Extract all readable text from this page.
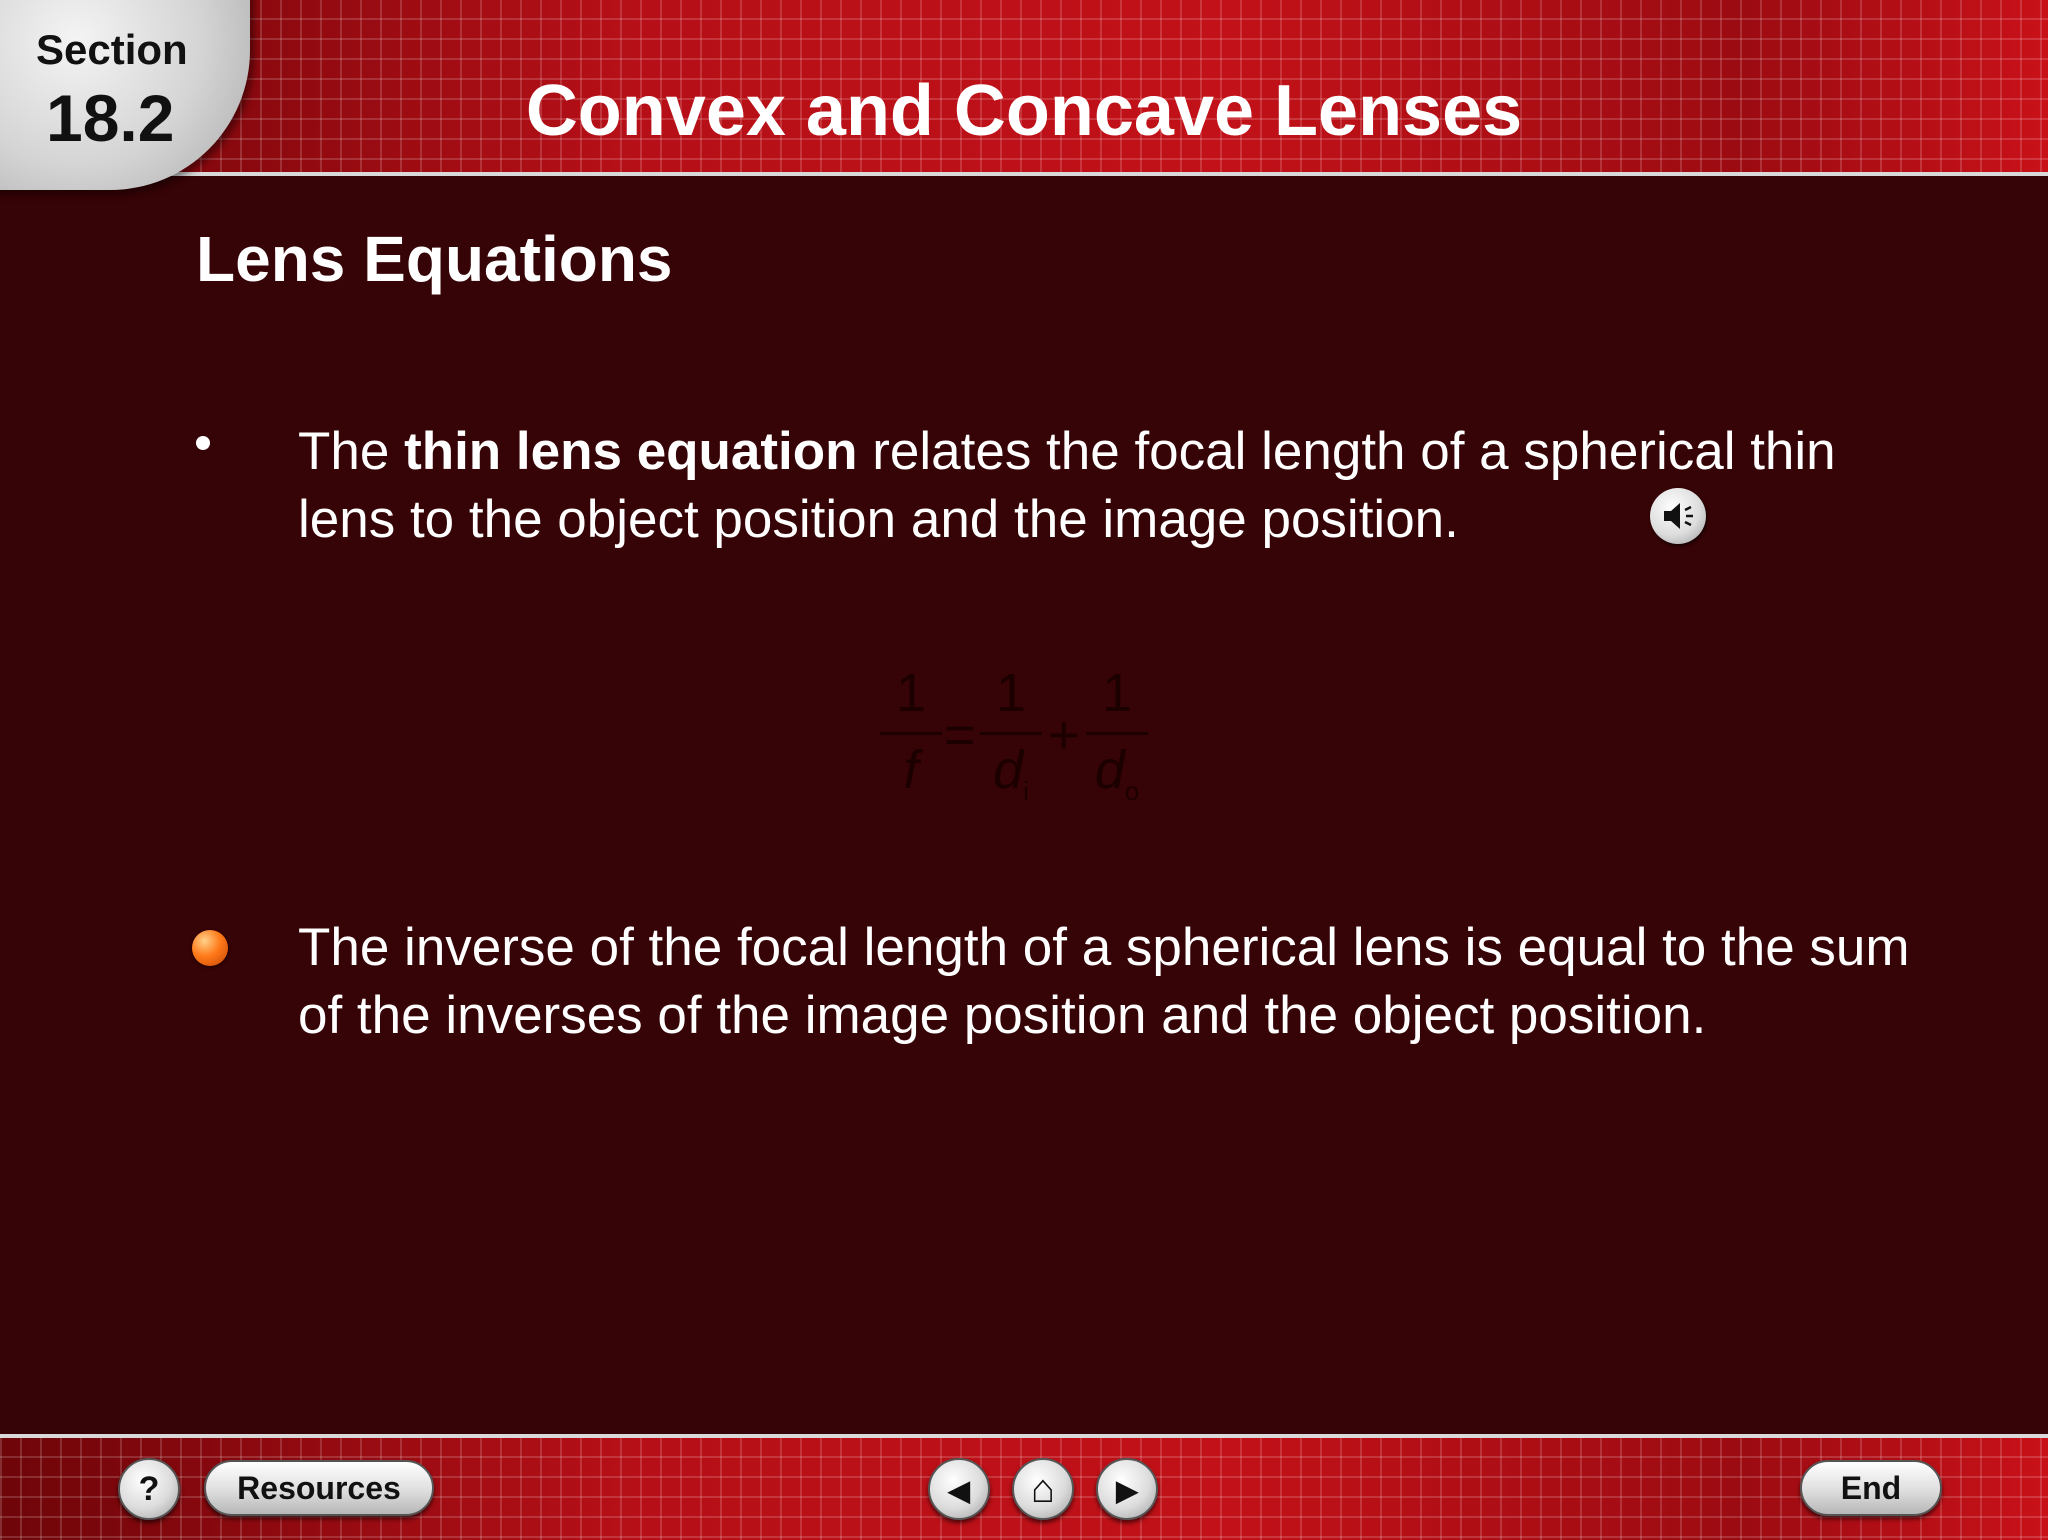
Section
18.2	Convex and Concave Lenses
Lens Equations
The thin lens equation relates the focal length of a spherical thin lens to the object position and the image position.
1
f
=
1
$d_i$
+
1
$d_o$
The inverse of the focal length of a spherical lens is equal to the sum of the inverses of the image position and the object position.
?	Resources	◀	⌂	▶	End
